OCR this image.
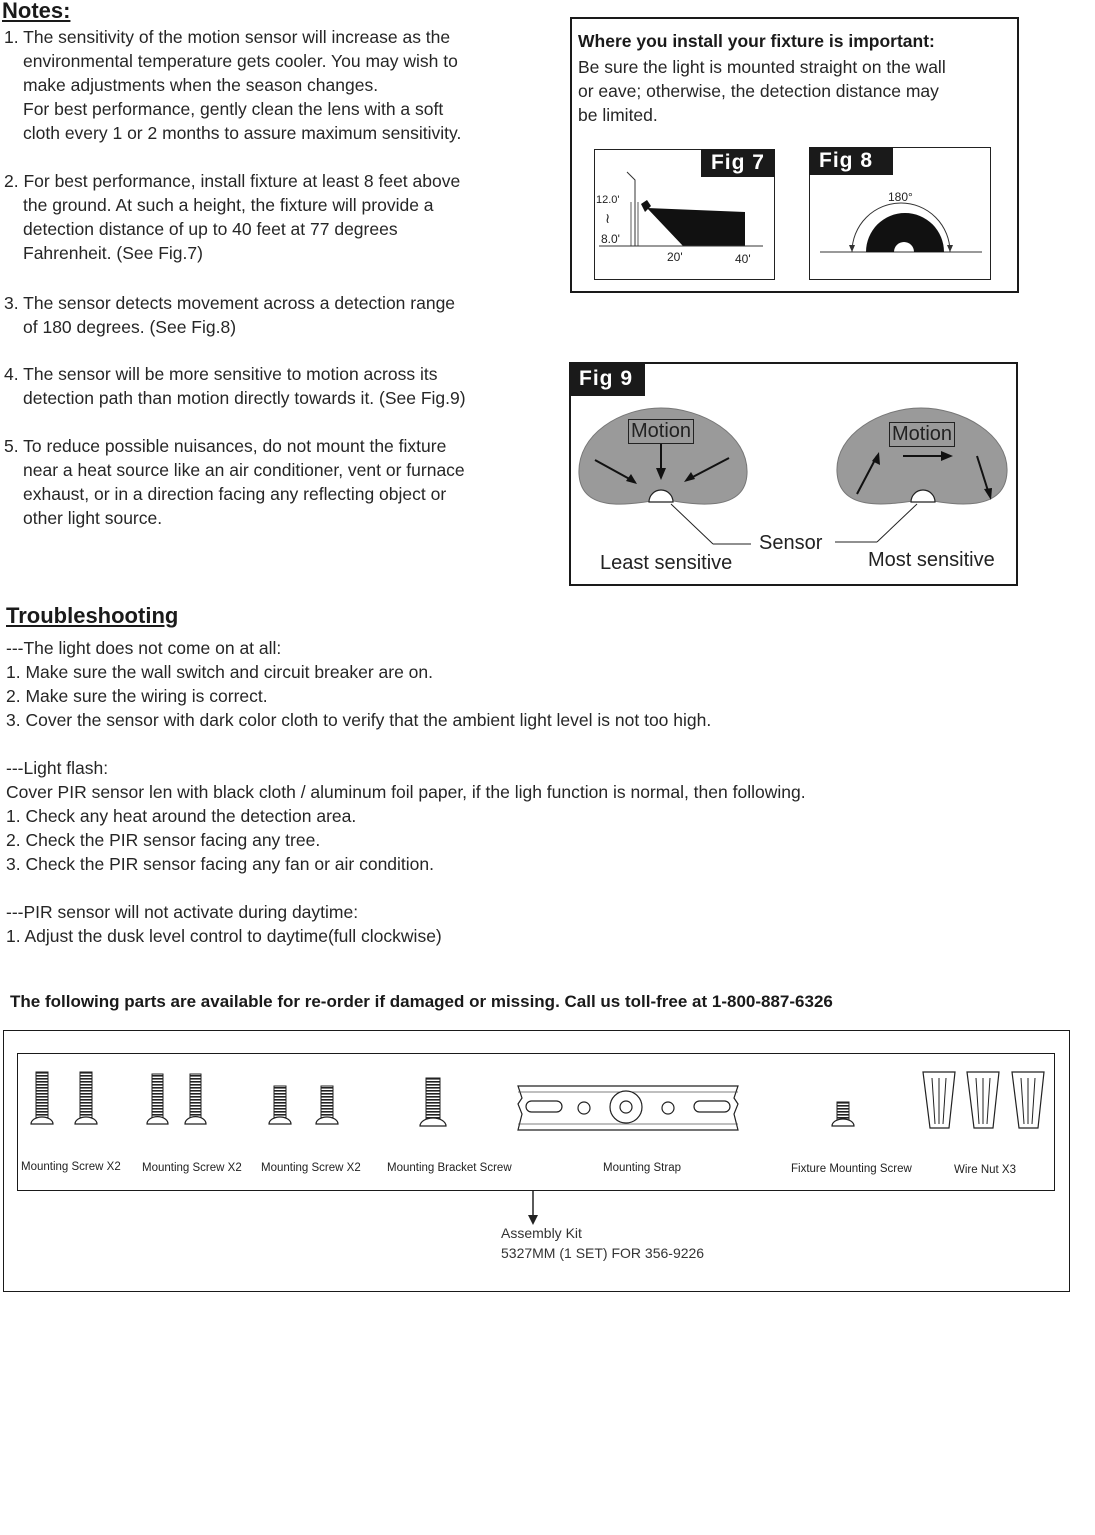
Notes:
1. The sensitivity of the motion sensor will increase as the
environmental temperature gets cooler. You may wish to
make adjustments when the season changes.
For best performance, gently clean the lens with a soft
cloth every 1 or 2 months to assure maximum sensitivity.
2. For best performance, install fixture at least 8 feet above
the ground. At such a height, the fixture will provide a
detection distance of up to 40 feet at 77 degrees
Fahrenheit. (See Fig.7)
3. The sensor detects movement across a detection range
of 180 degrees. (See Fig.8)
4. The sensor will be more sensitive to motion across its
detection path than motion directly towards it. (See Fig.9)
5. To reduce possible nuisances, do not mount the fixture
near a heat source like an air conditioner, vent or furnace
exhaust, or in a direction facing any reflecting object or
other light source.
Where you install your fixture is important:
Be sure the light is mounted straight on the wall
or eave; otherwise, the detection distance may
be limited.
Fig 7
12.0'
≀
8.0'
20'	40'
Fig 8
180°
Fig 9
Motion	Motion
Sensor
Least sensitive	Most sensitive
Troubleshooting
---The light does not come on at all:
1. Make sure the wall switch and circuit breaker are on.
2. Make sure the wiring is correct.
3. Cover the sensor with dark color cloth to verify that the ambient light level is not too high.
---Light flash:
Cover PIR sensor len with black cloth / aluminum foil paper, if the ligh function is normal, then following.
1. Check any heat around the detection area.
2. Check the PIR sensor facing any tree.
3. Check the PIR sensor facing any fan or air condition.
---PIR sensor will not activate during daytime:
1. Adjust the dusk level control to daytime(full clockwise)
The following parts are available for re-order if damaged or missing. Call us toll-free at 1-800-887-6326
Mounting Screw X2 Mounting Screw X2 Mounting Screw X2 Mounting Bracket Screw	Mounting Strap	Fixture Mounting Screw	Wire Nut X3
Assembly Kit
5327MM (1 SET) FOR 356-9226
